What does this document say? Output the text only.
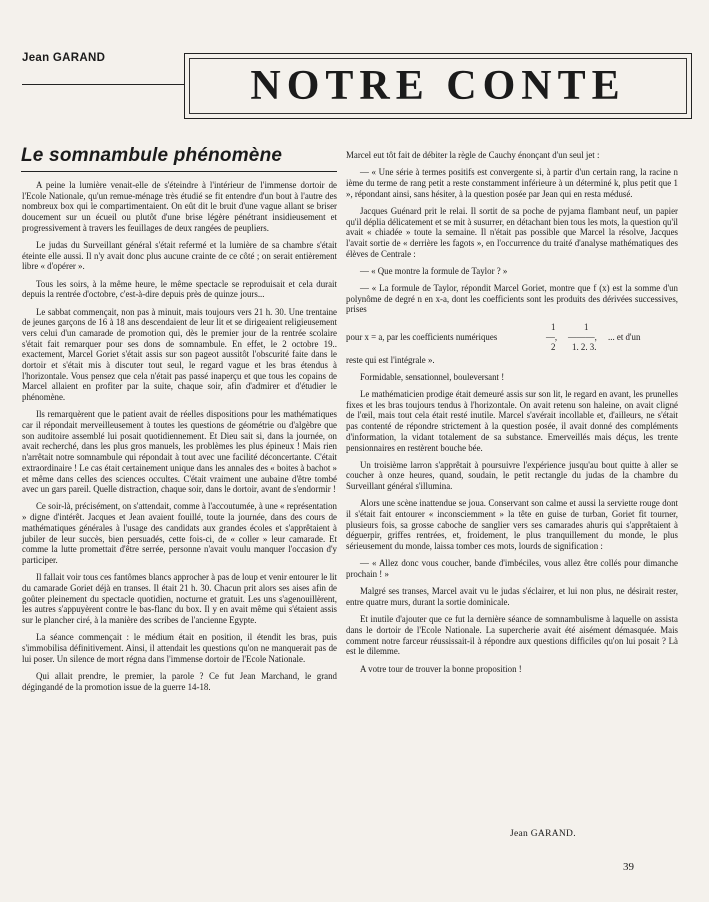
Jean GARAND
NOTRE CONTE
Le somnambule phénomène

A peine la lumière venait-elle de s'éteindre à l'intérieur de l'immense dortoir de l'Ecole Nationale, qu'un remue-ménage très étudié se fit entendre d'un bout à l'autre des nombreux box qui le compartimentaient. On eût dit le bruit d'une vague allant se briser doucement sur un écueil ou plutôt d'une brise légère pénétrant insidieusement et progressivement à travers les feuillages de deux rangées de peupliers.

Le judas du Surveillant général s'était refermé et la lumière de sa chambre s'était éteinte elle aussi. Il n'y avait donc plus aucune crainte de ce côté ; on serait entièrement libre « d'opérer ».

Tous les soirs, à la même heure, le même spectacle se reproduisait et cela durait depuis la rentrée d'octobre, c'est-à-dire depuis près de quinze jours...

Le sabbat commençait, non pas à minuit, mais toujours vers 21 h. 30. Une trentaine de jeunes garçons de 16 à 18 ans descendaient de leur lit et se dirigeaient religieusement vers celui d'un camarade de promotion qui, dès le premier jour de la rentrée scolaire s'était fait remarquer pour ses dons de somnambule. En effet, le 2 octobre 19.. exactement, Marcel Goriet s'était assis sur son pageot aussitôt l'obscurité faite dans le dortoir et s'était mis à discuter tout seul, le regard vague et les bras étendus à l'horizontale. Vous pensez que cela n'était pas passé inaperçu et que tous les copains de Marcel allaient en profiter par la suite, chaque soir, afin d'admirer et d'étudier le phénomène.

Ils remarquèrent que le patient avait de réelles dispositions pour les mathématiques car il répondait merveilleusement à toutes les questions de géométrie ou d'algèbre que son auditoire assemblé lui posait quotidiennement. Et Dieu sait si, dans la journée, on avait recherché, dans les plus gros manuels, les problèmes les plus épineux ! Mais rien n'arrêtait notre somnambule qui répondait à tout avec une facilité déconcertante. C'était extraordinaire ! Le cas était certainement unique dans les annales des « boites à bachot » et même dans celles des sciences occultes. C'était vraiment une aubaine d'être tombé avec un gars pareil. Quelle distraction, chaque soir, dans le dortoir, avant de s'endormir !

Ce soir-là, précisément, on s'attendait, comme à l'accoutumée, à une « représentation » digne d'intérêt. Jacques et Jean avaient fouillé, toute la journée, dans des cours de mathématiques générales à l'usage des candidats aux grandes écoles et s'apprêtaient à jubiler de leur succès, bien persuadés, cette fois-ci, de « coller » leur camarade. Et comme la lutte promettait d'être serrée, personne n'avait voulu manquer l'occasion d'y participer.

Il fallait voir tous ces fantômes blancs approcher à pas de loup et venir entourer le lit du camarade Goriet déjà en transes. Il était 21 h. 30. Chacun prit alors ses aises afin de goûter pleinement du spectacle quotidien, nocturne et gratuit. Les uns s'agenouillèrent, les autres s'appuyèrent contre le bas-flanc du box. Il y en avait même qui s'étaient assis sur le plancher ciré, à la manière des scribes de l'ancienne Egypte.

La séance commençait : le médium était en position, il étendit les bras, puis s'immobilisa définitivement. Ainsi, il attendait les questions qu'on ne manquerait pas de lui poser. Un silence de mort régna dans l'immense dortoir de l'Ecole Nationale.

Qui allait prendre, le premier, la parole ? Ce fut Jean Marchand, le grand dégingandé de la promotion issue de la guerre 14-18.

Marcel eut tôt fait de débiter la règle de Cauchy énonçant d'un seul jet :

— « Une série à termes positifs est convergente si, à partir d'un certain rang, la racine n ième du terme de rang petit a reste constamment inférieure à un déterminé k, plus petit que 1 », répondant ainsi, sans hésiter, à la question posée par Jean qui en resta médusé.

Jacques Guénard prit le relai. Il sortit de sa poche de pyjama flambant neuf, un papier qu'il déplia délicatement et se mit à susurrer, en détachant bien tous les mots, la question qu'il avait « chiadée » toute la semaine. Il n'était pas possible que Marcel la résolve, Jacques l'avait sortie de « derrière les fagots », en l'occurrence du traité d'analyse mathématiques des élèves de Centrale :

— « Que montre la formule de Taylor ? »

— « La formule de Taylor, répondit Marcel Goriet, montre que f (x) est la somme d'un polynôme de degré n en x-a, dont les coefficients sont les produits des dérivées successives, prises

1	1
pour x = a, par les coefficients numériques	—, ———, ... et d'un
2 1. 2. 3.

reste qui est l'intégrale ».

Formidable, sensationnel, bouleversant !

Le mathématicien prodige était demeuré assis sur son lit, le regard en avant, les prunelles fixes et les bras toujours tendus à l'horizontale. On avait retenu son haleine, on avait cligné de l'œil, mais tout cela était resté inutile. Marcel s'avérait incollable et, d'ailleurs, ne s'était pas contenté de répondre strictement à la question posée, il avait donné des compléments d'information, la vidant totalement de sa substance. Emerveillés mais déçus, les trente pensionnaires en restèrent bouche bée.

Un troisième larron s'apprêtait à poursuivre l'expérience jusqu'au bout quitte à aller se coucher à onze heures, quand, soudain, le petit rectangle du judas de la chambre du Surveillant général s'illumina.

Alors une scène inattendue se joua. Conservant son calme et aussi la serviette rouge dont il s'était fait entourer « inconsciemment » la tête en guise de turban, Goriet fit tourner, plusieurs fois, sa grosse caboche de sanglier vers ses camarades ahuris qui s'apprêtaient à déguerpir, griffes rentrées, et, froidement, le plus tranquillement du monde, le plus sérieusement du monde, laissa tomber ces mots, lourds de signification :

— « Allez donc vous coucher, bande d'imbéciles, vous allez être collés pour dimanche prochain ! »

Malgré ses transes, Marcel avait vu le judas s'éclairer, et lui non plus, ne désirait rester, entre quatre murs, durant la sortie dominicale.

Et inutile d'ajouter que ce fut la dernière séance de somnambulisme à laquelle on assista dans le dortoir de l'Ecole Nationale. La supercherie avait été aisément démasquée. Mais comment notre farceur réussissait-il à répondre aux questions difficiles qu'on lui posait ? Là est le dilemme.

A votre tour de trouver la bonne proposition !

Jean GARAND.
39
